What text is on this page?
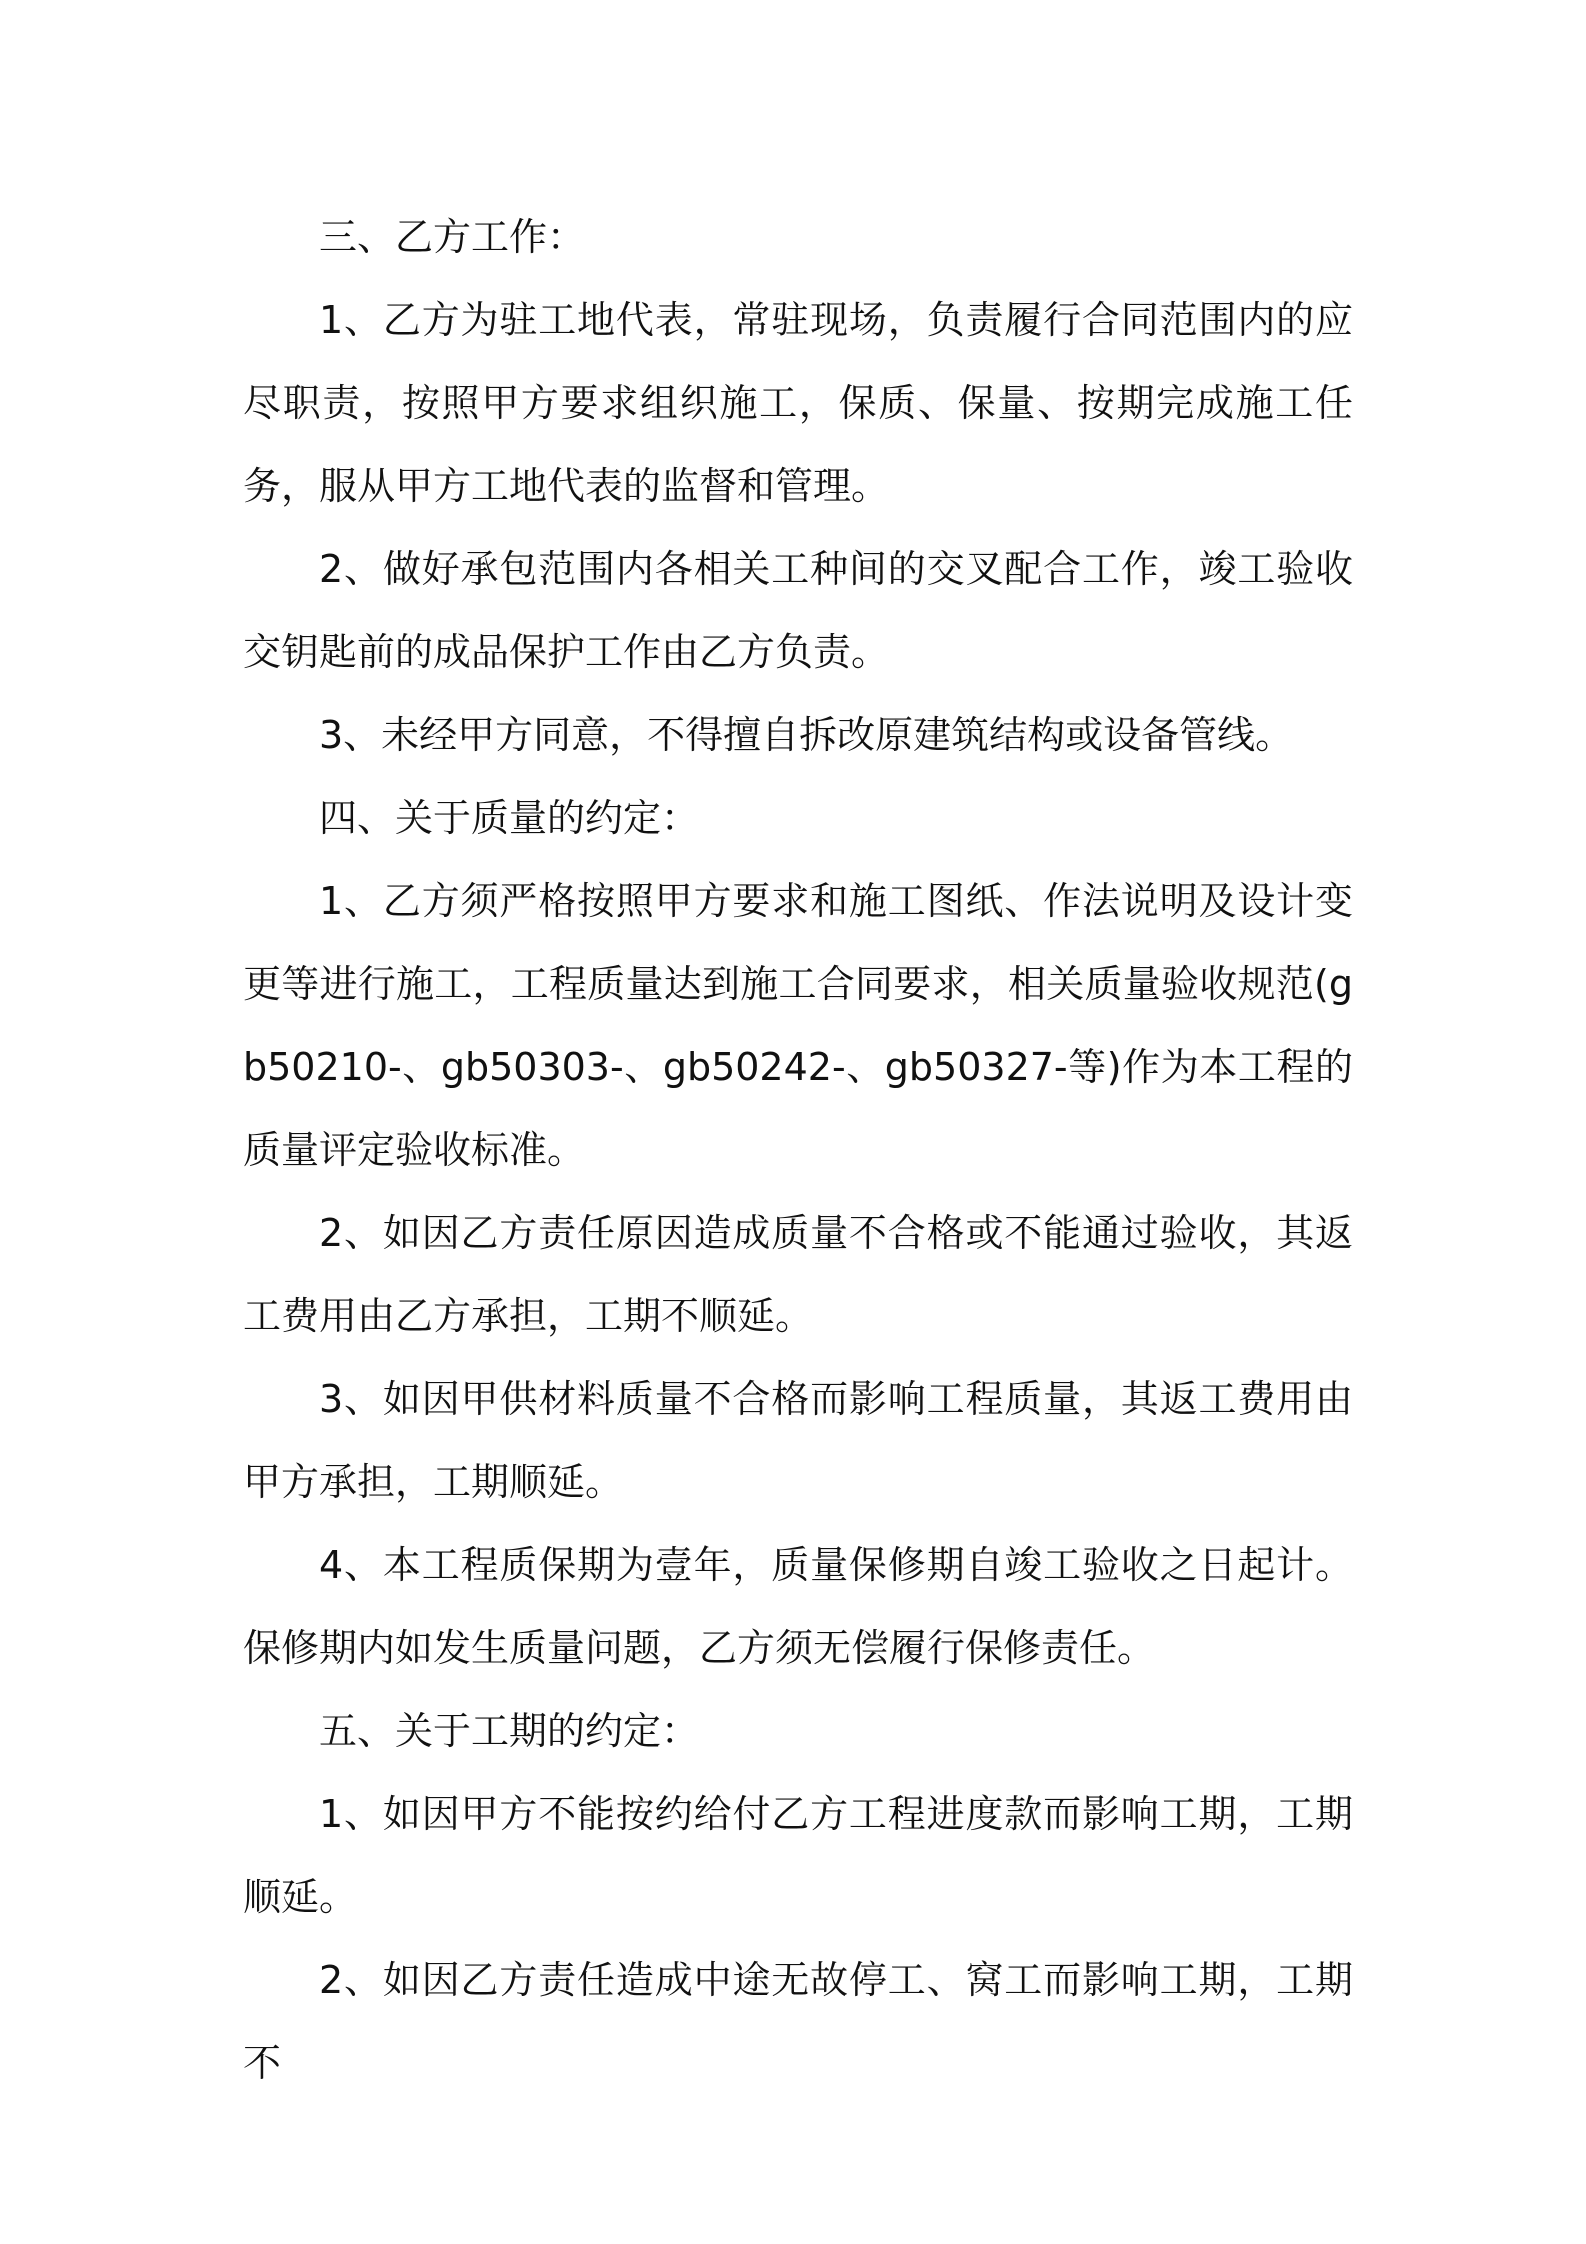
三、乙方工作：

1、乙方为驻工地代表，常驻现场，负责履行合同范围内的应尽职责，按照甲方要求组织施工，保质、保量、按期完成施工任务，服从甲方工地代表的监督和管理。

2、做好承包范围内各相关工种间的交叉配合工作，竣工验收交钥匙前的成品保护工作由乙方负责。

3、未经甲方同意，不得擅自拆改原建筑结构或设备管线。

四、关于质量的约定：

1、乙方须严格按照甲方要求和施工图纸、作法说明及设计变更等进行施工，工程质量达到施工合同要求，相关质量验收规范(gb50210-、gb50303-、gb50242-、gb50327-等)作为本工程的质量评定验收标准。

2、如因乙方责任原因造成质量不合格或不能通过验收，其返工费用由乙方承担，工期不顺延。

3、如因甲供材料质量不合格而影响工程质量，其返工费用由甲方承担，工期顺延。

4、本工程质保期为壹年，质量保修期自竣工验收之日起计。保修期内如发生质量问题，乙方须无偿履行保修责任。

五、关于工期的约定：

1、如因甲方不能按约给付乙方工程进度款而影响工期，工期顺延。

2、如因乙方责任造成中途无故停工、窝工而影响工期，工期不
